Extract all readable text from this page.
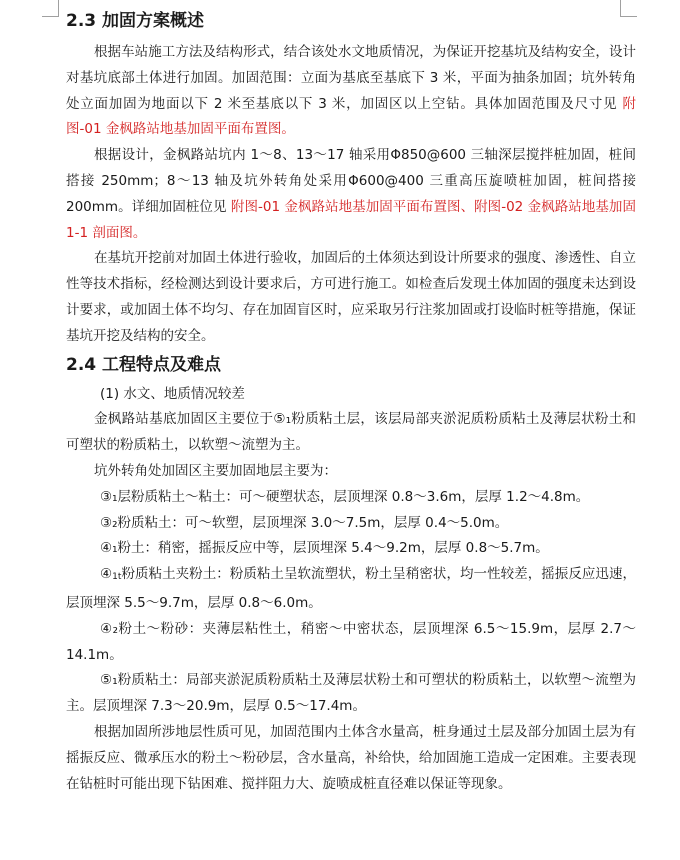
2.3 加固方案概述

根据车站施工方法及结构形式，结合该处水文地质情况，为保证开挖基坑及结构安全，设计对基坑底部土体进行加固。加固范围：立面为基底至基底下 3 米，平面为抽条加固；坑外转角处立面加固为地面以下 2 米至基底以下 3 米，加固区以上空钻。具体加固范围及尺寸见 附图-01 金枫路站地基加固平面布置图。

根据设计，金枫路站坑内 1～8、13～17 轴采用Φ850@600 三轴深层搅拌桩加固，桩间搭接 250mm；8～13 轴及坑外转角处采用Φ600@400 三重高压旋喷桩加固，桩间搭接 200mm。详细加固桩位见 附图-01 金枫路站地基加固平面布置图、附图-02 金枫路站地基加固 1-1 剖面图。

在基坑开挖前对加固土体进行验收，加固后的土体须达到设计所要求的强度、渗透性、自立性等技术指标，经检测达到设计要求后，方可进行施工。如检查后发现土体加固的强度未达到设计要求，或加固土体不均匀、存在加固盲区时，应采取另行注浆加固或打设临时桩等措施，保证基坑开挖及结构的安全。

2.4 工程特点及难点

(1) 水文、地质情况较差

金枫路站基底加固区主要位于⑤₁粉质粘土层，该层局部夹淤泥质粉质粘土及薄层状粉土和可塑状的粉质粘土，以软塑～流塑为主。

坑外转角处加固区主要加固地层主要为：

③₁层粉质粘土～粘土：可～硬塑状态，层顶埋深 0.8～3.6m，层厚 1.2～4.8m。

③₂粉质粘土：可～软塑，层顶埋深 3.0～7.5m，层厚 0.4～5.0m。

④₁粉土：稍密，摇振反应中等，层顶埋深 5.4～9.2m，层厚 0.8～5.7m。

④1t粉质粘土夹粉土：粉质粘土呈软流塑状，粉土呈稍密状，均一性较差，摇振反应迅速，层顶埋深 5.5～9.7m，层厚 0.8～6.0m。

④₂粉土～粉砂：夹薄层粘性土，稍密～中密状态，层顶埋深 6.5～15.9m，层厚 2.7～14.1m。

⑤₁粉质粘土：局部夹淤泥质粉质粘土及薄层状粉土和可塑状的粉质粘土，以软塑～流塑为主。层顶埋深 7.3～20.9m，层厚 0.5～17.4m。

根据加固所涉地层性质可见，加固范围内土体含水量高，桩身通过土层及部分加固土层为有摇振反应、微承压水的粉土～粉砂层，含水量高，补给快，给加固施工造成一定困难。主要表现在钻桩时可能出现下钻困难、搅拌阻力大、旋喷成桩直径难以保证等现象。
